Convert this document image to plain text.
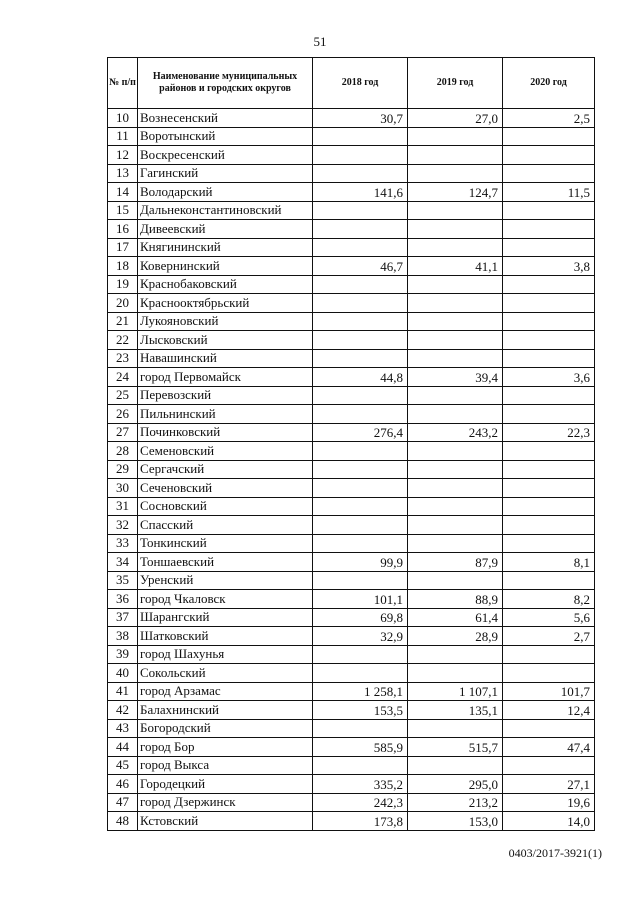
51
№ п/п	Наименование муниципальных районов и городских округов	2018 год	2019 год	2020 год
10	Вознесенский	30,7	27,0	2,5
11	Воротынский			
12	Воскресенский			
13	Гагинский			
14	Володарский	141,6	124,7	11,5
15	Дальнеконстантиновский			
16	Дивеевский			
17	Княгининский			
18	Ковернинский	46,7	41,1	3,8
19	Краснобаковский			
20	Краснооктябрьский			
21	Лукояновский			
22	Лысковский			
23	Навашинский			
24	город Первомайск	44,8	39,4	3,6
25	Перевозский			
26	Пильнинский			
27	Починковский	276,4	243,2	22,3
28	Семеновский			
29	Сергачский			
30	Сеченовский			
31	Сосновский			
32	Спасский			
33	Тонкинский			
34	Тоншаевский	99,9	87,9	8,1
35	Уренский			
36	город Чкаловск	101,1	88,9	8,2
37	Шарангский	69,8	61,4	5,6
38	Шатковский	32,9	28,9	2,7
39	город Шахунья			
40	Сокольский			
41	город Арзамас	1 258,1	1 107,1	101,7
42	Балахнинский	153,5	135,1	12,4
43	Богородский			
44	город Бор	585,9	515,7	47,4
45	город Выкса			
46	Городецкий	335,2	295,0	27,1
47	город Дзержинск	242,3	213,2	19,6
48	Кстовский	173,8	153,0	14,0
0403/2017-3921(1)
